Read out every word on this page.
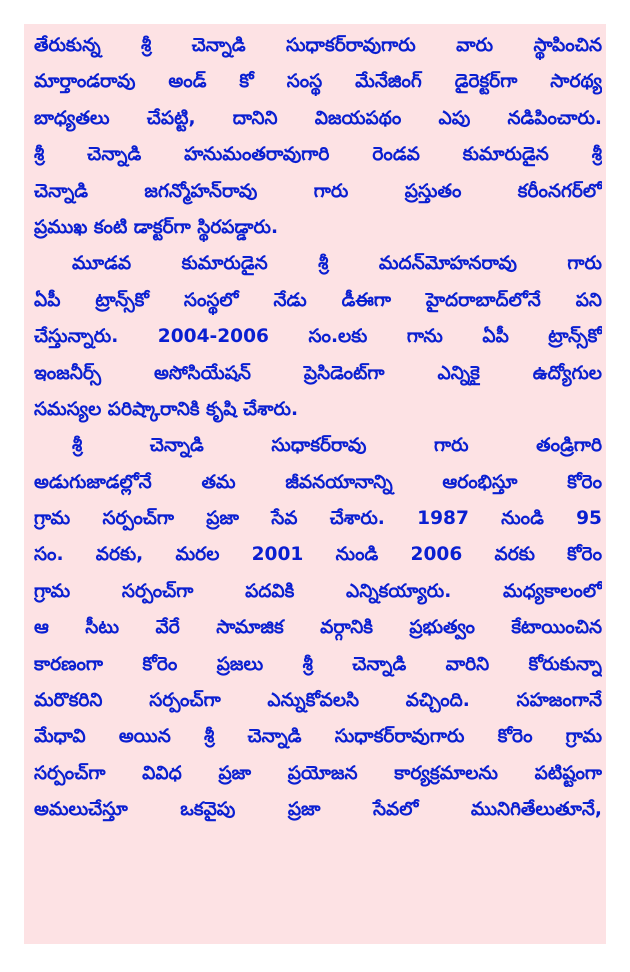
తేరుకున్న శ్రీ చెన్నాడి సుధాకర్‌రావుగారు వారు స్థాపించిన
మార్తాండరావు అండ్ కో సంస్థ మేనేజింగ్ డైరెక్టర్‌గా సారథ్య
బాధ్యతలు చేపట్టి, దానిని విజయపథం ఎపు నడిపించారు.
శ్రీ చెన్నాడి హనుమంతరావుగారి రెండవ కుమారుడైన శ్రీ
చెన్నాడి జగన్మోహన్‌రావు గారు ప్రస్తుతం కరీంనగర్‌లో
ప్రముఖ కంటి డాక్టర్‌గా స్థిరపడ్డారు.
మూడవ కుమారుడైన శ్రీ మదన్‌మోహనరావు గారు
ఏపీ ట్రాన్స్‌కో సంస్థలో నేడు డీఈగా హైదరాబాద్‌లోనే పని
చేస్తున్నారు. 2004-2006 సం.లకు గాను ఏపీ ట్రాన్స్‌కో
ఇంజనీర్స్ అసోసియేషన్ ప్రెసిడెంట్‌గా ఎన్నికై ఉద్యోగుల
సమస్యల పరిష్కారానికి కృషి చేశారు.
శ్రీ చెన్నాడి సుధాకర్‌రావు గారు తండ్రిగారి
అడుగుజాడల్లోనే తమ జీవనయానాన్ని ఆరంభిస్తూ కోరెం
గ్రామ సర్పంచ్‌గా ప్రజా సేవ చేశారు. 1987 నుండి 95
సం. వరకు, మరల 2001 నుండి 2006 వరకు కోరెం
గ్రామ సర్పంచ్‌గా పదవికి ఎన్నికయ్యారు. మధ్యకాలంలో
ఆ సీటు వేరే సామాజిక వర్గానికి ప్రభుత్వం కేటాయించిన
కారణంగా కోరెం ప్రజలు శ్రీ చెన్నాడి వారిని కోరుకున్నా
మరొకరిని సర్పంచ్‌గా ఎన్నుకోవలసి వచ్చింది. సహజంగానే
మేధావి అయిన శ్రీ చెన్నాడి సుధాకర్‌రావుగారు కోరెం గ్రామ
సర్పంచ్‌గా వివిధ ప్రజా ప్రయోజన కార్యక్రమాలను పటిష్టంగా
అమలుచేస్తూ ఒకవైపు ప్రజా సేవలో మునిగితేలుతూనే,
